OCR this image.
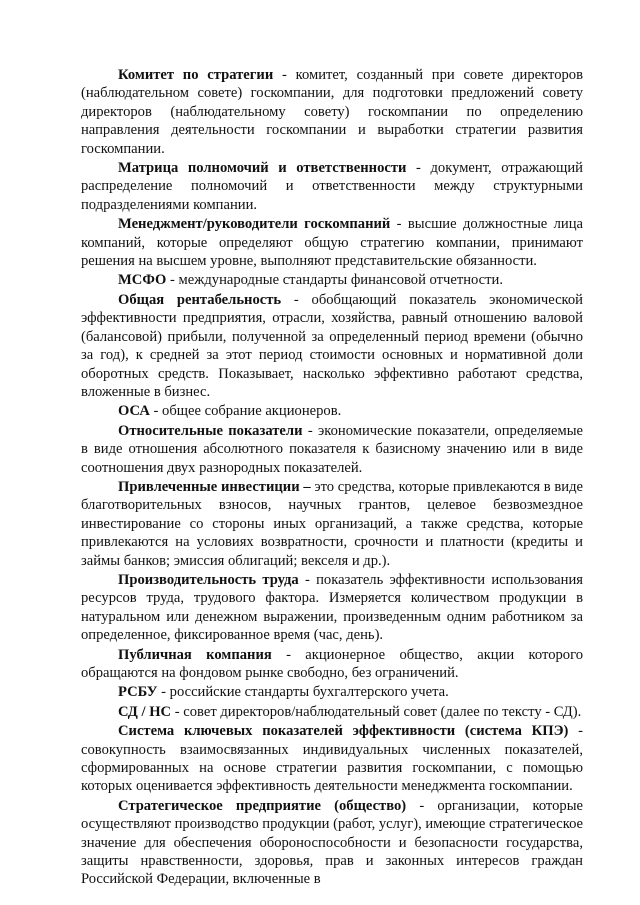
Комитет по стратегии - комитет, созданный при совете директоров (наблюдательном совете) госкомпании, для подготовки предложений совету директоров (наблюдательному совету) госкомпании по определению направления деятельности госкомпании и выработки стратегии развития госкомпании.

Матрица полномочий и ответственности - документ, отражающий распределение полномочий и ответственности между структурными подразделениями компании.

Менеджмент/руководители госкомпаний - высшие должностные лица компаний, которые определяют общую стратегию компании, принимают решения на высшем уровне, выполняют представительские обязанности.

МСФО - международные стандарты финансовой отчетности.

Общая рентабельность - обобщающий показатель экономической эффективности предприятия, отрасли, хозяйства, равный отношению валовой (балансовой) прибыли, полученной за определенный период времени (обычно за год), к средней за этот период стоимости основных и нормативной доли оборотных средств. Показывает, насколько эффективно работают средства, вложенные в бизнес.

ОСА - общее собрание акционеров.

Относительные показатели - экономические показатели, определяемые в виде отношения абсолютного показателя к базисному значению или в виде соотношения двух разнородных показателей.

Привлеченные инвестиции – это средства, которые привлекаются в виде благотворительных взносов, научных грантов, целевое безвозмездное инвестирование со стороны иных организаций, а также средства, которые привлекаются на условиях возвратности, срочности и платности (кредиты и займы банков; эмиссия облигаций; векселя и др.).

Производительность труда - показатель эффективности использования ресурсов труда, трудового фактора. Измеряется количеством продукции в натуральном или денежном выражении, произведенным одним работником за определенное, фиксированное время (час, день).

Публичная компания - акционерное общество, акции которого обращаются на фондовом рынке свободно, без ограничений.

РСБУ - российские стандарты бухгалтерского учета.

СД / НС - совет директоров/наблюдательный совет (далее по тексту - СД).

Система ключевых показателей эффективности (система КПЭ) - совокупность взаимосвязанных индивидуальных численных показателей, сформированных на основе стратегии развития госкомпании, с помощью которых оценивается эффективность деятельности менеджмента госкомпании.

Стратегическое предприятие (общество) - организации, которые осуществляют производство продукции (работ, услуг), имеющие стратегическое значение для обеспечения обороноспособности и безопасности государства, защиты нравственности, здоровья, прав и законных интересов граждан Российской Федерации, включенные в
